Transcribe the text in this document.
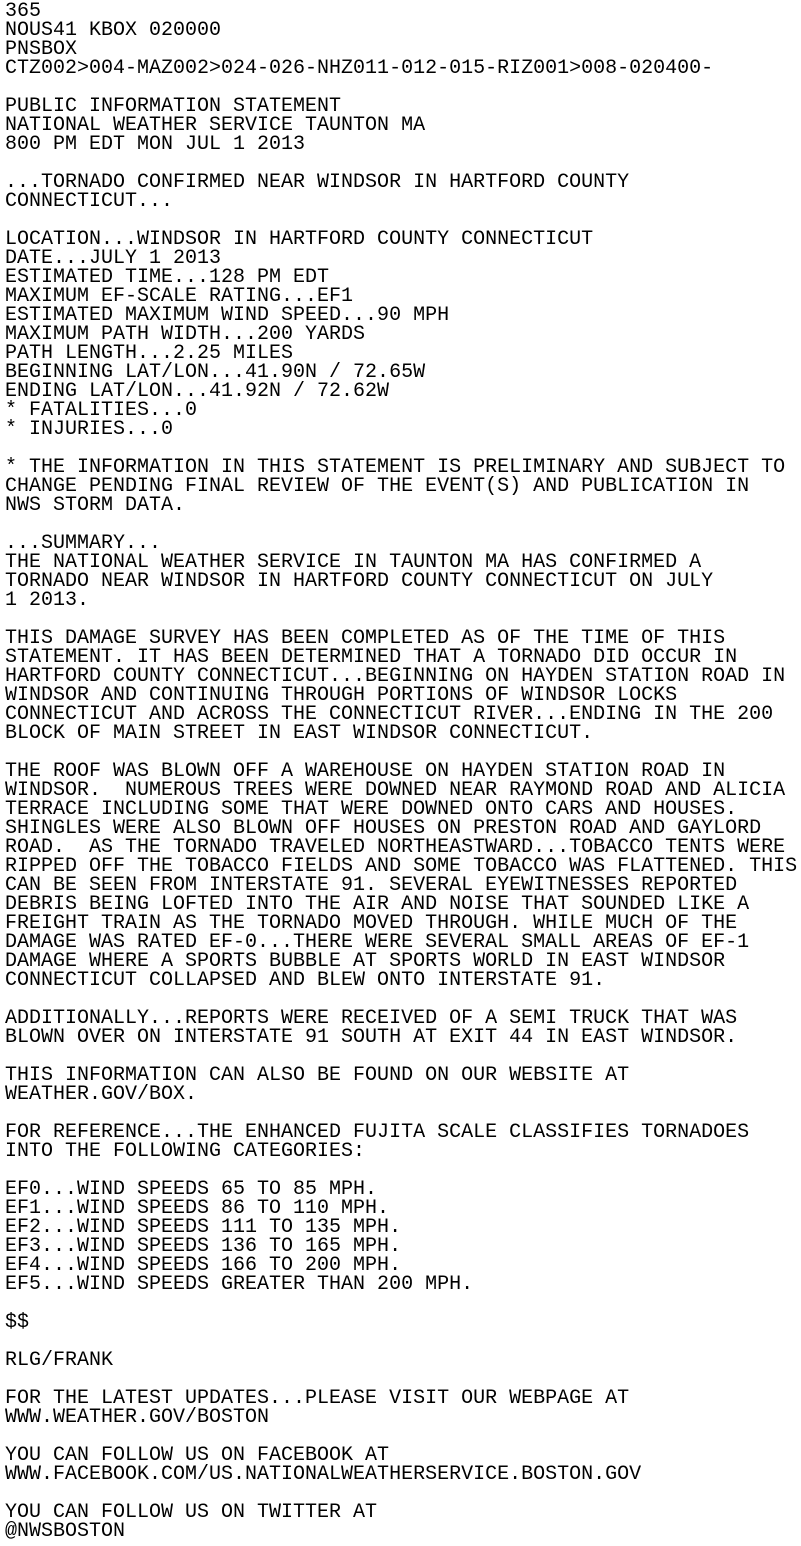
365
NOUS41 KBOX 020000
PNSBOX
CTZ002>004-MAZ002>024-026-NHZ011-012-015-RIZ001>008-020400-
PUBLIC INFORMATION STATEMENT
NATIONAL WEATHER SERVICE TAUNTON MA
800 PM EDT MON JUL 1 2013
...TORNADO CONFIRMED NEAR WINDSOR IN HARTFORD COUNTY
CONNECTICUT...
LOCATION...WINDSOR IN HARTFORD COUNTY CONNECTICUT
DATE...JULY 1 2013
ESTIMATED TIME...128 PM EDT
MAXIMUM EF-SCALE RATING...EF1
ESTIMATED MAXIMUM WIND SPEED...90 MPH
MAXIMUM PATH WIDTH...200 YARDS
PATH LENGTH...2.25 MILES
BEGINNING LAT/LON...41.90N / 72.65W
ENDING LAT/LON...41.92N / 72.62W
* FATALITIES...0
* INJURIES...0
* THE INFORMATION IN THIS STATEMENT IS PRELIMINARY AND SUBJECT TO
CHANGE PENDING FINAL REVIEW OF THE EVENT(S) AND PUBLICATION IN
NWS STORM DATA.
...SUMMARY...
THE NATIONAL WEATHER SERVICE IN TAUNTON MA HAS CONFIRMED A
TORNADO NEAR WINDSOR IN HARTFORD COUNTY CONNECTICUT ON JULY
1 2013.
THIS DAMAGE SURVEY HAS BEEN COMPLETED AS OF THE TIME OF THIS
STATEMENT. IT HAS BEEN DETERMINED THAT A TORNADO DID OCCUR IN
HARTFORD COUNTY CONNECTICUT...BEGINNING ON HAYDEN STATION ROAD IN
WINDSOR AND CONTINUING THROUGH PORTIONS OF WINDSOR LOCKS
CONNECTICUT AND ACROSS THE CONNECTICUT RIVER...ENDING IN THE 200
BLOCK OF MAIN STREET IN EAST WINDSOR CONNECTICUT.
THE ROOF WAS BLOWN OFF A WAREHOUSE ON HAYDEN STATION ROAD IN
WINDSOR.  NUMEROUS TREES WERE DOWNED NEAR RAYMOND ROAD AND ALICIA
TERRACE INCLUDING SOME THAT WERE DOWNED ONTO CARS AND HOUSES.
SHINGLES WERE ALSO BLOWN OFF HOUSES ON PRESTON ROAD AND GAYLORD
ROAD.  AS THE TORNADO TRAVELED NORTHEASTWARD...TOBACCO TENTS WERE
RIPPED OFF THE TOBACCO FIELDS AND SOME TOBACCO WAS FLATTENED. THIS
CAN BE SEEN FROM INTERSTATE 91. SEVERAL EYEWITNESSES REPORTED
DEBRIS BEING LOFTED INTO THE AIR AND NOISE THAT SOUNDED LIKE A
FREIGHT TRAIN AS THE TORNADO MOVED THROUGH. WHILE MUCH OF THE
DAMAGE WAS RATED EF-0...THERE WERE SEVERAL SMALL AREAS OF EF-1
DAMAGE WHERE A SPORTS BUBBLE AT SPORTS WORLD IN EAST WINDSOR
CONNECTICUT COLLAPSED AND BLEW ONTO INTERSTATE 91.
ADDITIONALLY...REPORTS WERE RECEIVED OF A SEMI TRUCK THAT WAS
BLOWN OVER ON INTERSTATE 91 SOUTH AT EXIT 44 IN EAST WINDSOR.
THIS INFORMATION CAN ALSO BE FOUND ON OUR WEBSITE AT
WEATHER.GOV/BOX.
FOR REFERENCE...THE ENHANCED FUJITA SCALE CLASSIFIES TORNADOES
INTO THE FOLLOWING CATEGORIES:
EF0...WIND SPEEDS 65 TO 85 MPH.
EF1...WIND SPEEDS 86 TO 110 MPH.
EF2...WIND SPEEDS 111 TO 135 MPH.
EF3...WIND SPEEDS 136 TO 165 MPH.
EF4...WIND SPEEDS 166 TO 200 MPH.
EF5...WIND SPEEDS GREATER THAN 200 MPH.
$$
RLG/FRANK
FOR THE LATEST UPDATES...PLEASE VISIT OUR WEBPAGE AT
WWW.WEATHER.GOV/BOSTON
YOU CAN FOLLOW US ON FACEBOOK AT
WWW.FACEBOOK.COM/US.NATIONALWEATHERSERVICE.BOSTON.GOV
YOU CAN FOLLOW US ON TWITTER AT
@NWSBOSTON
